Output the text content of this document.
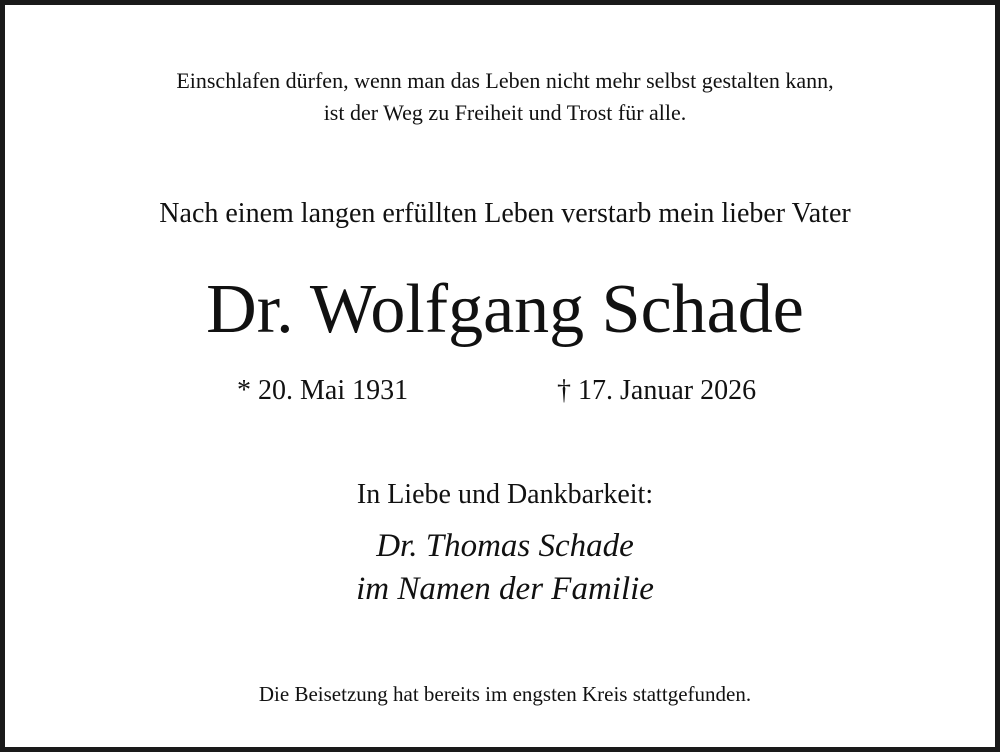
Einschlafen dürfen, wenn man das Leben nicht mehr selbst gestalten kann,
ist der Weg zu Freiheit und Trost für alle.
Nach einem langen erfüllten Leben verstarb mein lieber Vater
Dr. Wolfgang Schade
* 20. Mai 1931	† 17. Januar 2026
In Liebe und Dankbarkeit:
Dr. Thomas Schade
im Namen der Familie
Die Beisetzung hat bereits im engsten Kreis stattgefunden.
